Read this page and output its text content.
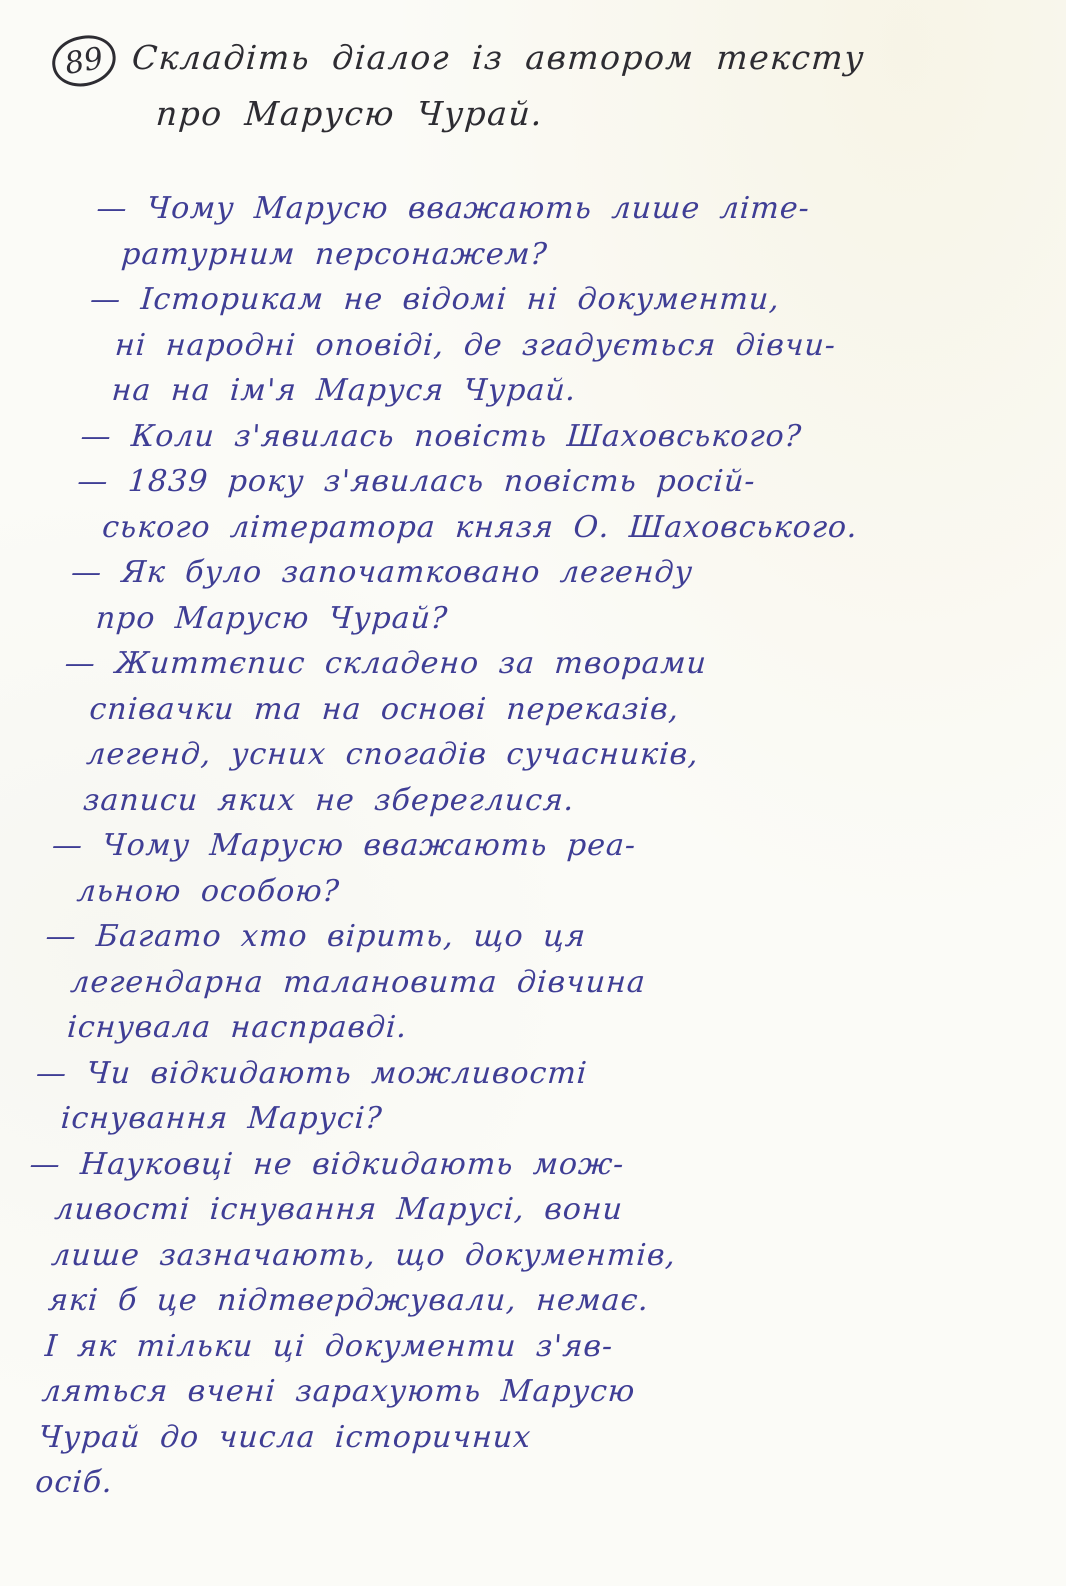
89 Складіть діалог із автором тексту
про Марусю Чурай.
— Чому Марусю вважають лише літе-
ратурним персонажем?
— Історикам не відомі ні документи,
ні народні оповіді, де згадується дівчи-
на на ім'я Маруся Чурай.
— Коли з'явилась повість Шаховського?
— 1839 року з'явилась повість росій-
ського літератора князя О. Шаховського.
— Як було започатковано легенду
про Марусю Чурай?
— Життєпис складено за творами
співачки та на основі переказів,
легенд, усних спогадів сучасників,
записи яких не збереглися.
— Чому Марусю вважають реа-
льною особою?
— Багато хто вірить, що ця
легендарна талановита дівчина
існувала насправді.
— Чи відкидають можливості
існування Марусі?
— Науковці не відкидають мож-
ливості існування Марусі, вони
лише зазначають, що документів,
які б це підтверджували, немає.
І як тільки ці документи з'яв-
ляться вчені зарахують Марусю
Чурай до числа історичних
осіб.
